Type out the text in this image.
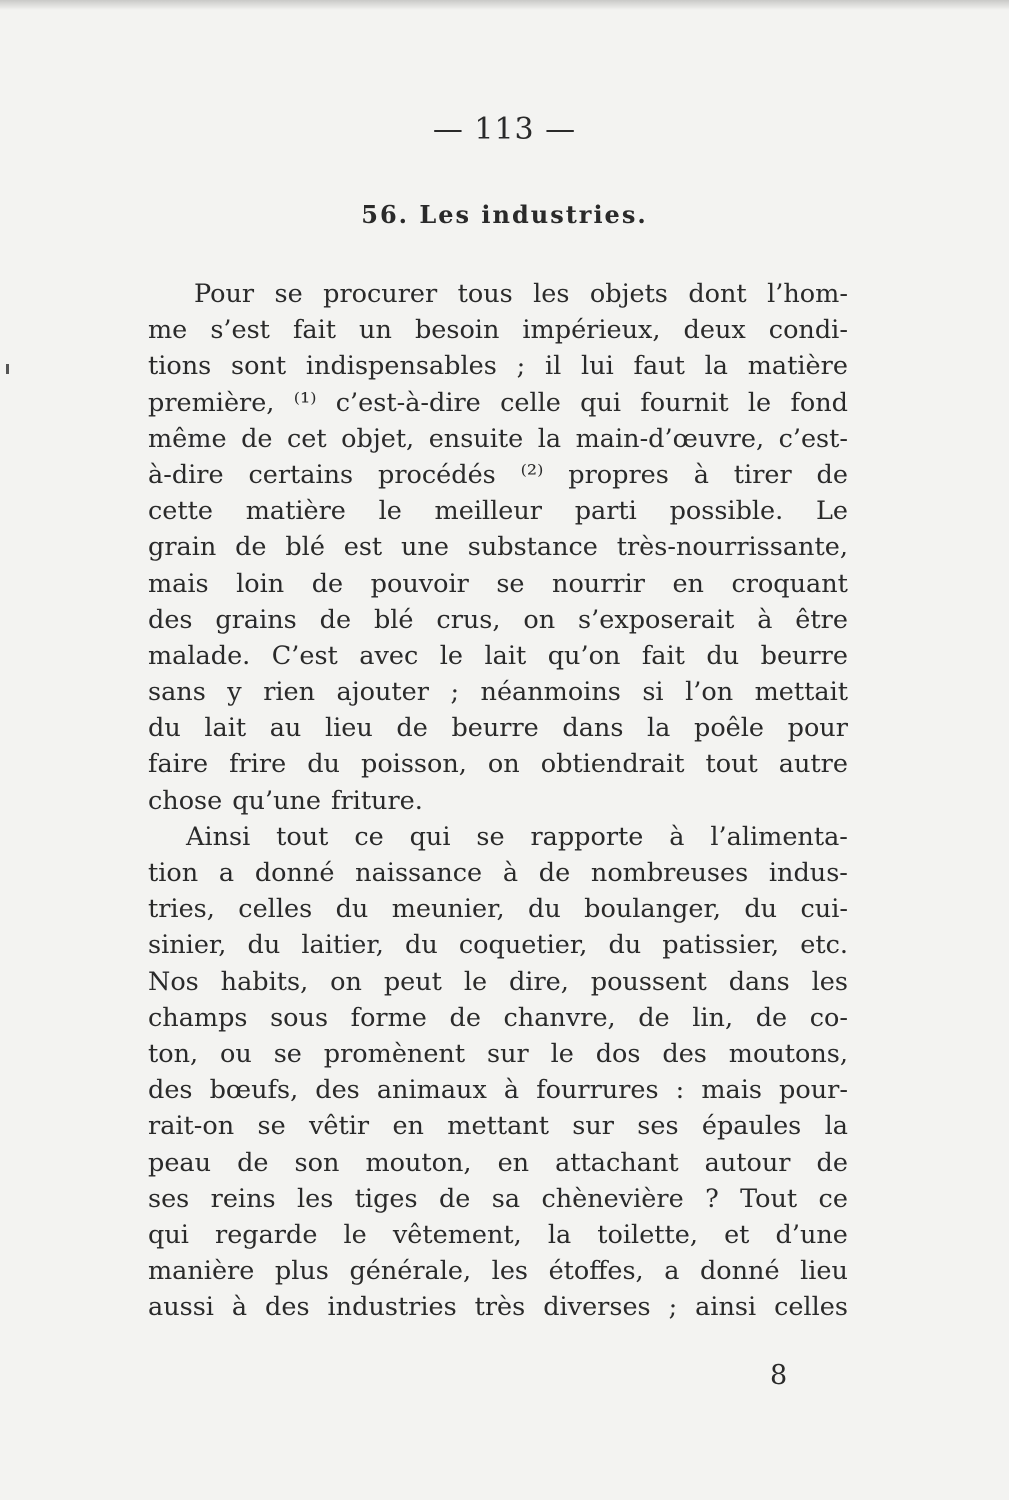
— 113 —
56. Les industries.
Pour se procurer tous les objets dont l’hom-
me s’est fait un besoin impérieux, deux condi-
tions sont indispensables ; il lui faut la matière
première, ⁽¹⁾ c’est-à-dire celle qui fournit le fond
même de cet objet, ensuite la main-d’œuvre, c’est-
à-dire certains procédés ⁽²⁾ propres à tirer de
cette matière le meilleur parti possible. Le
grain de blé est une substance très-nourrissante,
mais loin de pouvoir se nourrir en croquant
des grains de blé crus, on s’exposerait à être
malade. C’est avec le lait qu’on fait du beurre
sans y rien ajouter ; néanmoins si l’on mettait
du lait au lieu de beurre dans la poêle pour
faire frire du poisson, on obtiendrait tout autre
chose qu’une friture.
Ainsi tout ce qui se rapporte à l’alimenta-
tion a donné naissance à de nombreuses indus-
tries, celles du meunier, du boulanger, du cui-
sinier, du laitier, du coquetier, du patissier, etc.
Nos habits, on peut le dire, poussent dans les
champs sous forme de chanvre, de lin, de co-
ton, ou se promènent sur le dos des moutons,
des bœufs, des animaux à fourrures : mais pour-
rait-on se vêtir en mettant sur ses épaules la
peau de son mouton, en attachant autour de
ses reins les tiges de sa chènevière ? Tout ce
qui regarde le vêtement, la toilette, et d’une
manière plus générale, les étoffes, a donné lieu
aussi à des industries très diverses ; ainsi celles
8
